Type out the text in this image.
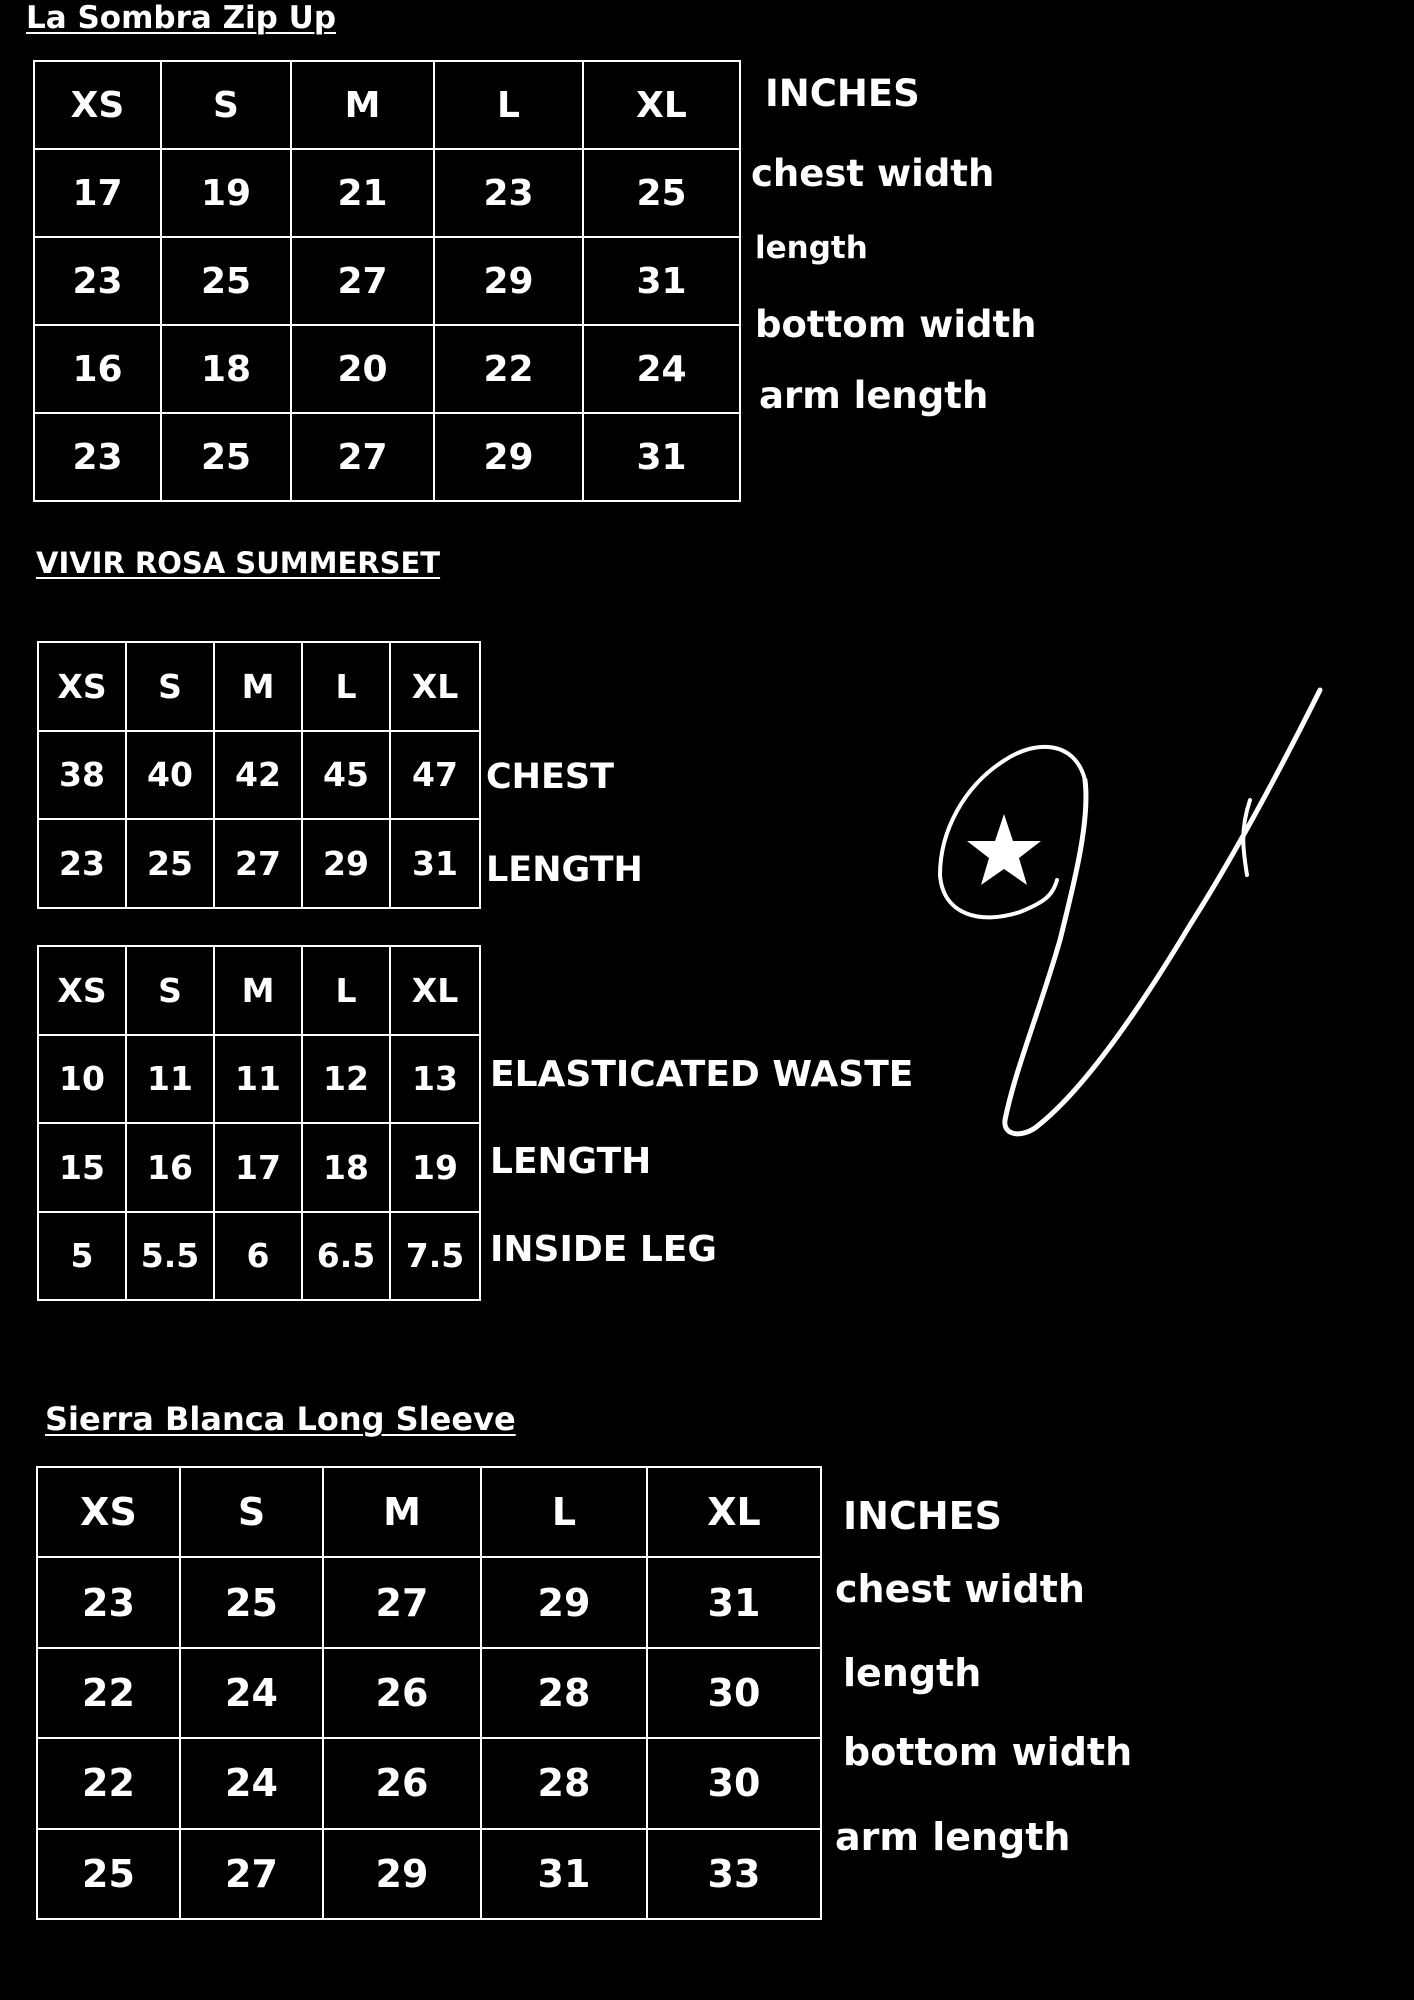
La Sombra Zip Up
XS	S	M	L	XL
17	19	21	23	25
23	25	27	29	31
16	18	20	22	24
23	25	27	29	31
INCHES
chest width
length
bottom width
arm length
VIVIR ROSA SUMMERSET
XS	S	M	L	XL
38	40	42	45	47
23	25	27	29	31
CHEST
LENGTH
XS	S	M	L	XL
10	11	11	12	13
15	16	17	18	19
5	5.5	6	6.5	7.5
ELASTICATED WASTE
LENGTH
INSIDE LEG
Sierra Blanca Long Sleeve
XS	S	M	L	XL
23	25	27	29	31
22	24	26	28	30
22	24	26	28	30
25	27	29	31	33
INCHES
chest width
length
bottom width
arm length
